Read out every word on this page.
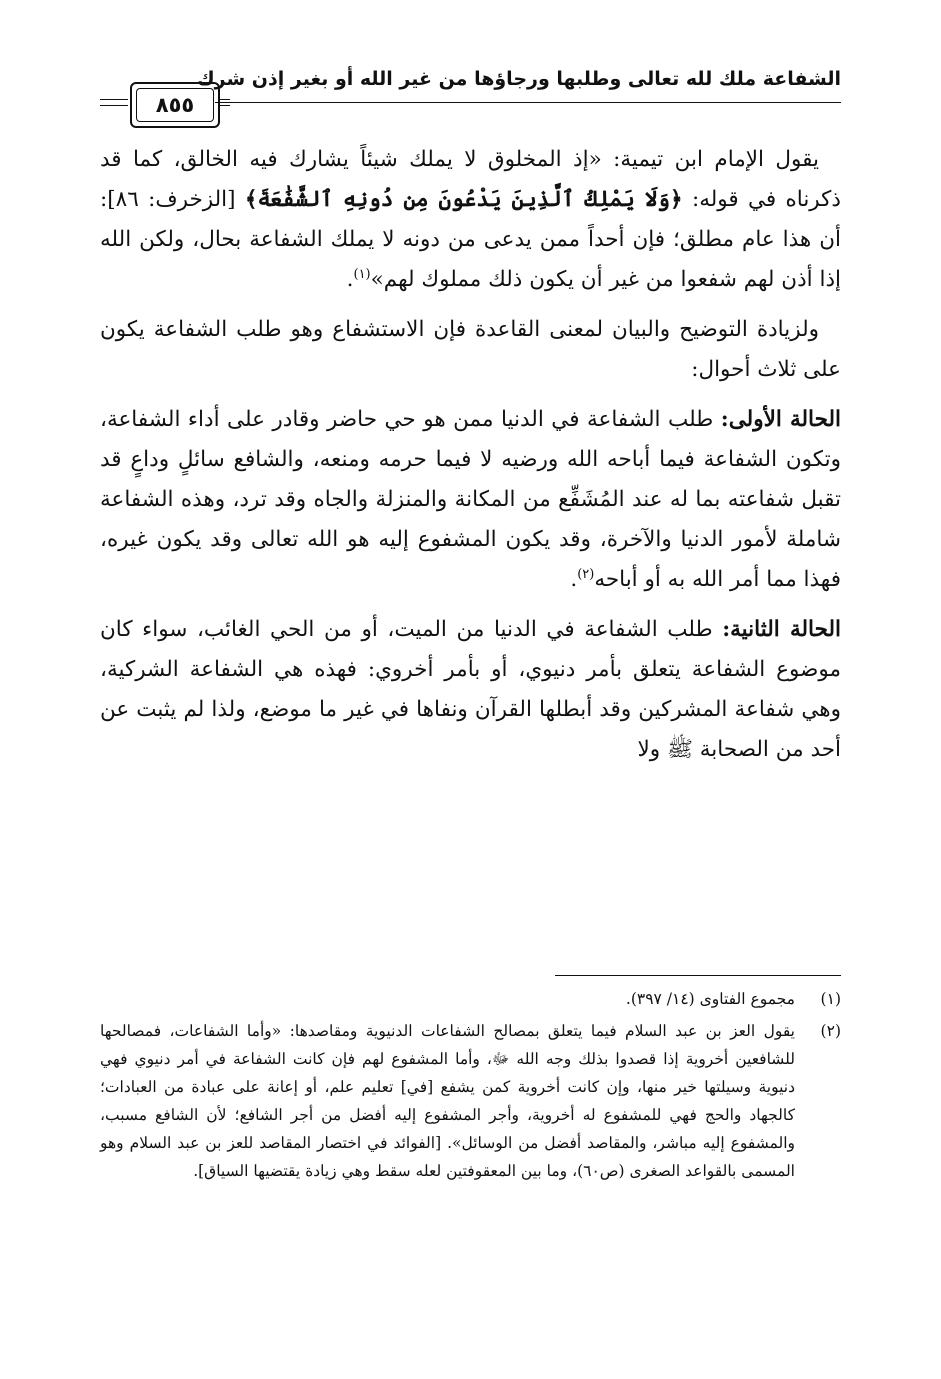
الشفاعة ملك لله تعالى وطلبها ورجاؤها من غير الله أو بغير إذن شرك
٨٥٥

يقول الإمام ابن تيمية: «إذ المخلوق لا يملك شيئاً يشارك فيه الخالق، كما قد ذكرناه في قوله: ﴿وَلَا يَمْلِكُ ٱلَّذِينَ يَدْعُونَ مِن دُونِهِ ٱلشَّفَٰعَةَ﴾ [الزخرف: ٨٦]: أن هذا عام مطلق؛ فإن أحداً ممن يدعى من دونه لا يملك الشفاعة بحال، ولكن الله إذا أذن لهم شفعوا من غير أن يكون ذلك مملوك لهم»$^{(١)}$.

ولزيادة التوضيح والبيان لمعنى القاعدة فإن الاستشفاع وهو طلب الشفاعة يكون على ثلاث أحوال:

الحالة الأولى: طلب الشفاعة في الدنيا ممن هو حي حاضر وقادر على أداء الشفاعة، وتكون الشفاعة فيما أباحه الله ورضيه لا فيما حرمه ومنعه، والشافع سائلٍ وداعٍ قد تقبل شفاعته بما له عند المُشَفِّع من المكانة والمنزلة والجاه وقد ترد، وهذه الشفاعة شاملة لأمور الدنيا والآخرة، وقد يكون المشفوع إليه هو الله تعالى وقد يكون غيره، فهذا مما أمر الله به أو أباحه$^{(٢)}$.

الحالة الثانية: طلب الشفاعة في الدنيا من الميت، أو من الحي الغائب، سواء كان موضوع الشفاعة يتعلق بأمر دنيوي، أو بأمر أخروي: فهذه هي الشفاعة الشركية، وهي شفاعة المشركين وقد أبطلها القرآن ونفاها في غير ما موضع، ولذا لم يثبت عن أحد من الصحابة ﷺ ولا

(١)
مجموع الفتاوى (١٤/ ٣٩٧).
(٢)
يقول العز بن عبد السلام فيما يتعلق بمصالح الشفاعات الدنيوية ومقاصدها: «وأما الشفاعات، فمصالحها للشافعين أخروية إذا قصدوا بذلك وجه الله ﷻ، وأما المشفوع لهم فإن كانت الشفاعة في أمر دنيوي فهي دنيوية وسيلتها خير منها، وإن كانت أخروية كمن يشفع [في] تعليم علم، أو إعانة على عبادة من العبادات؛ كالجهاد والحج فهي للمشفوع له أخروية، وأجر المشفوع إليه أفضل من أجر الشافع؛ لأن الشافع مسبب، والمشفوع إليه مباشر، والمقاصد أفضل من الوسائل». [الفوائد في اختصار المقاصد للعز بن عبد السلام وهو المسمى بالقواعد الصغرى (ص٦٠)، وما بين المعقوفتين لعله سقط وهي زيادة يقتضيها السياق].
